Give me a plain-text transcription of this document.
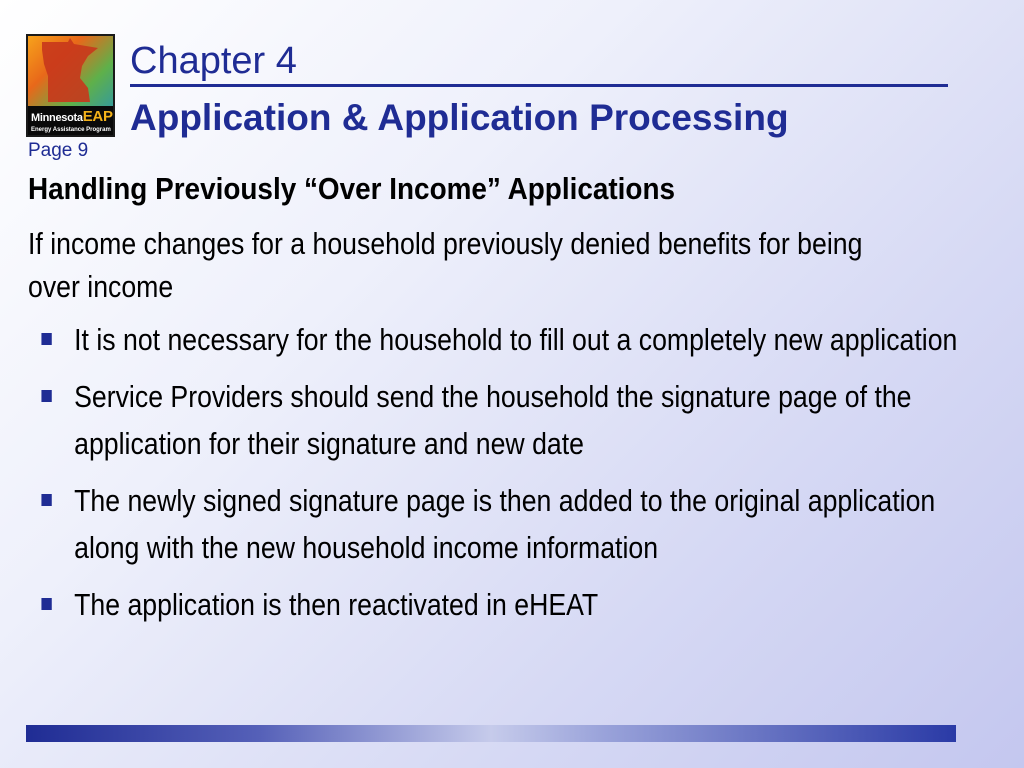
MinnesotaEAP
Energy Assistance Program
Chapter 4
Application & Application Processing
Page 9
Handling Previously “Over Income” Applications
If income changes for a household previously denied benefits for being over income
It is not necessary for the household to fill out a completely new application
Service Providers should send the household the signature page of the application for their signature and new date
The newly signed signature page is then added to the original application along with the new household income information
The application is then reactivated in eHEAT
